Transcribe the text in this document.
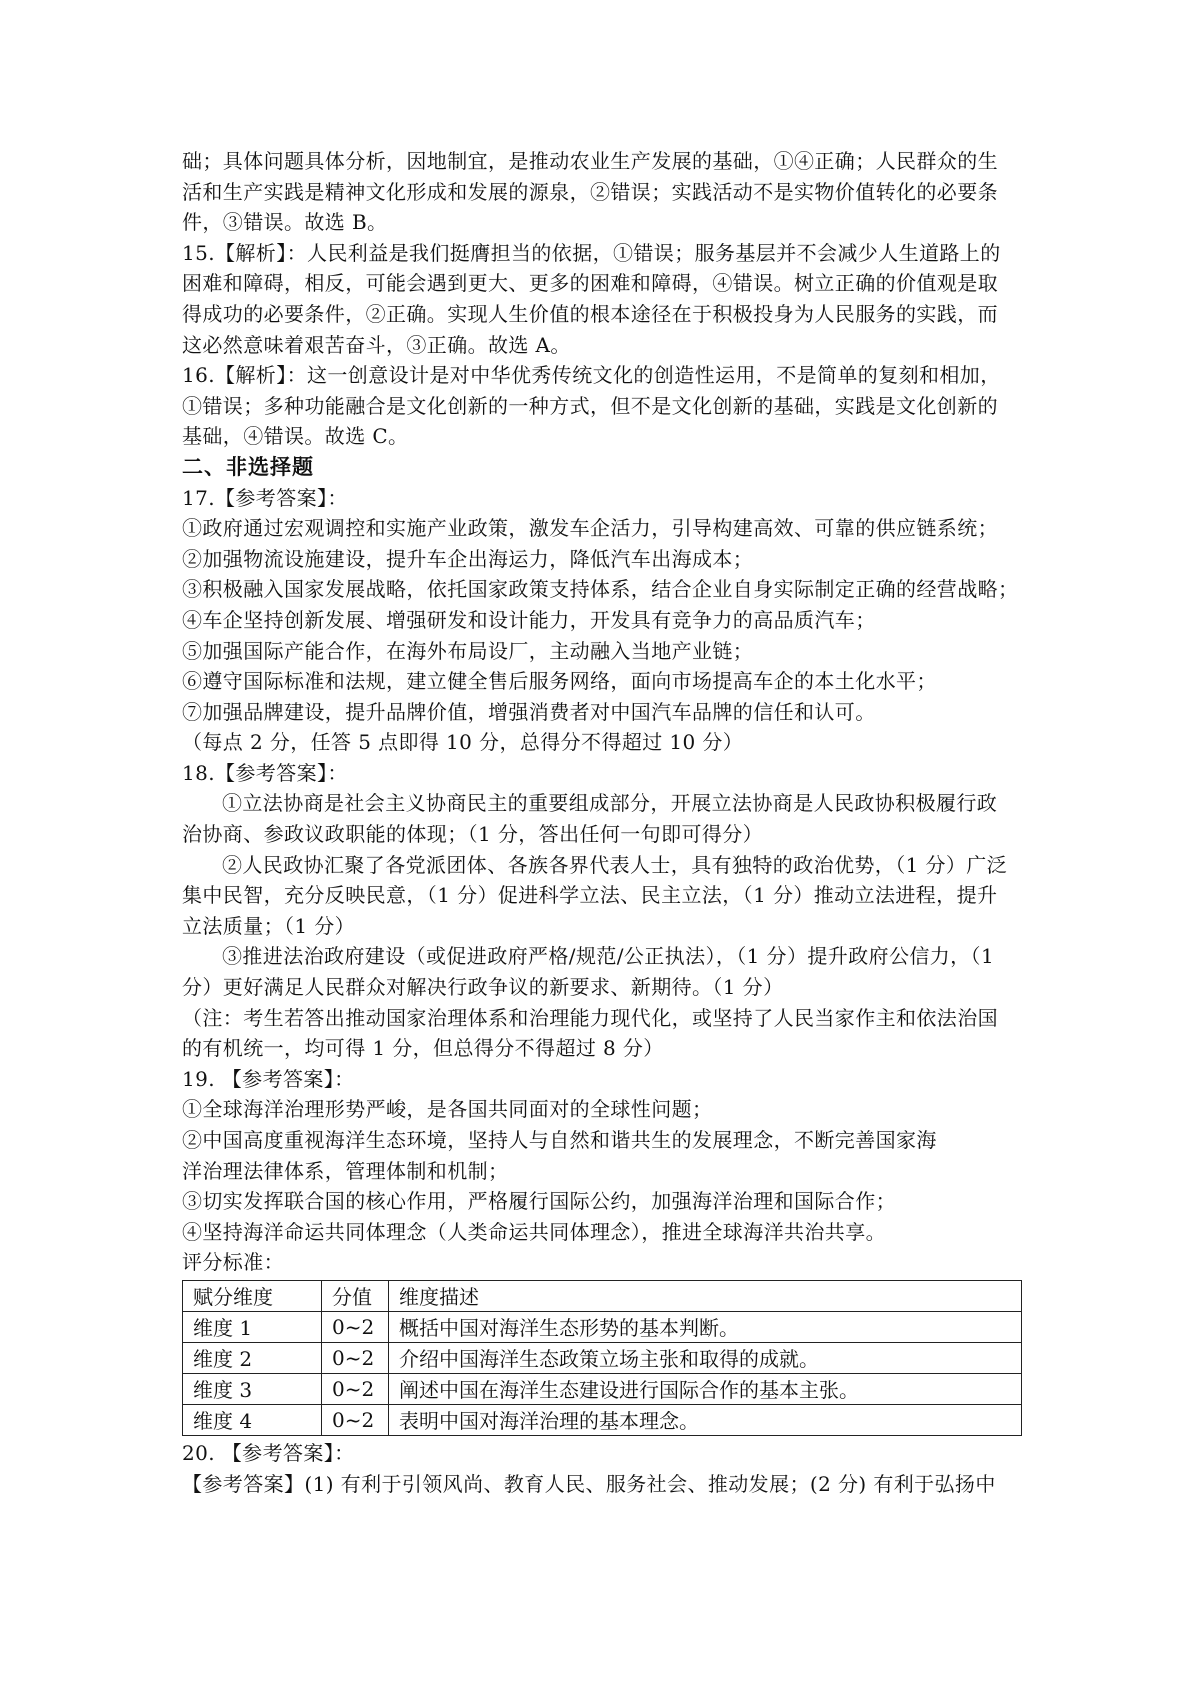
础；具体问题具体分析，因地制宜，是推动农业生产发展的基础，①④正确；人民群众的生
活和生产实践是精神文化形成和发展的源泉，②错误；实践活动不是实物价值转化的必要条
件，③错误。故选 B。
15.【解析】：人民利益是我们挺膺担当的依据，①错误；服务基层并不会减少人生道路上的
困难和障碍，相反，可能会遇到更大、更多的困难和障碍，④错误。树立正确的价值观是取
得成功的必要条件，②正确。实现人生价值的根本途径在于积极投身为人民服务的实践，而
这必然意味着艰苦奋斗，③正确。故选 A。
16.【解析】：这一创意设计是对中华优秀传统文化的创造性运用，不是简单的复刻和相加，
①错误；多种功能融合是文化创新的一种方式，但不是文化创新的基础，实践是文化创新的
基础，④错误。故选 C。
二、非选择题
17.【参考答案】：
①政府通过宏观调控和实施产业政策，激发车企活力，引导构建高效、可靠的供应链系统；
②加强物流设施建设，提升车企出海运力，降低汽车出海成本；
③积极融入国家发展战略，依托国家政策支持体系，结合企业自身实际制定正确的经营战略；
④车企坚持创新发展、增强研发和设计能力，开发具有竞争力的高品质汽车；
⑤加强国际产能合作，在海外布局设厂，主动融入当地产业链；
⑥遵守国际标准和法规，建立健全售后服务网络，面向市场提高车企的本土化水平；
⑦加强品牌建设，提升品牌价值，增强消费者对中国汽车品牌的信任和认可。
（每点 2 分，任答 5 点即得 10 分，总得分不得超过 10 分）
18.【参考答案】：
①立法协商是社会主义协商民主的重要组成部分，开展立法协商是人民政协积极履行政
治协商、参政议政职能的体现；（1 分，答出任何一句即可得分）
②人民政协汇聚了各党派团体、各族各界代表人士，具有独特的政治优势，（1 分）广泛
集中民智，充分反映民意，（1 分）促进科学立法、民主立法，（1 分）推动立法进程，提升
立法质量；（1 分）
③推进法治政府建设（或促进政府严格/规范/公正执法），（1 分）提升政府公信力，（1
分）更好满足人民群众对解决行政争议的新要求、新期待。（1 分）
（注：考生若答出推动国家治理体系和治理能力现代化，或坚持了人民当家作主和依法治国
的有机统一，均可得 1 分，但总得分不得超过 8 分）
19. 【参考答案】：
①全球海洋治理形势严峻，是各国共同面对的全球性问题；
②中国高度重视海洋生态环境，坚持人与自然和谐共生的发展理念，不断完善国家海
洋治理法律体系，管理体制和机制；
③切实发挥联合国的核心作用，严格履行国际公约，加强海洋治理和国际合作；
④坚持海洋命运共同体理念（人类命运共同体理念），推进全球海洋共治共享。
评分标准：
赋分维度	分值	维度描述
维度 1	0~2	概括中国对海洋生态形势的基本判断。
维度 2	0~2	介绍中国海洋生态政策立场主张和取得的成就。
维度 3	0~2	阐述中国在海洋生态建设进行国际合作的基本主张。
维度 4	0~2	表明中国对海洋治理的基本理念。
20. 【参考答案】：
【参考答案】(1) 有利于引领风尚、教育人民、服务社会、推动发展；(2 分) 有利于弘扬中
